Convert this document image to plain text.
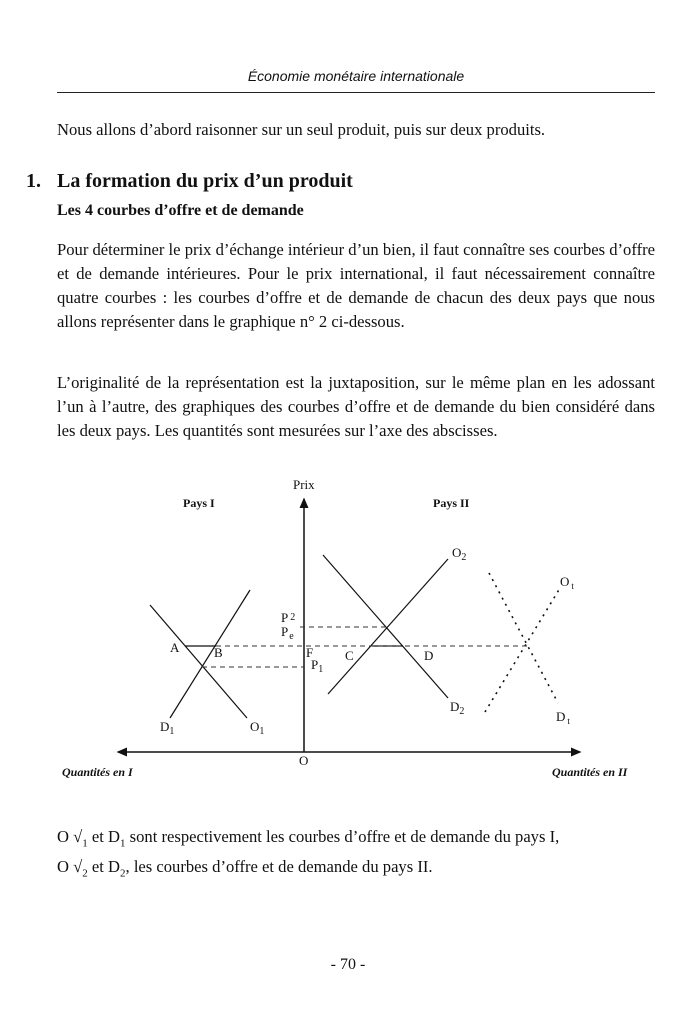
Économie monétaire internationale
Nous allons d’abord raisonner sur un seul produit, puis sur deux produits.
1. La formation du prix d’un produit
Les 4 courbes d’offre et de demande
Pour déterminer le prix d’échange intérieur d’un bien, il faut connaître ses courbes d’offre et de demande intérieures. Pour le prix international, il faut nécessairement connaître quatre courbes : les courbes d’offre et de demande de chacun des deux pays que nous allons représenter dans le graphique n° 2 ci-dessous.
L’originalité de la représentation est la juxtaposition, sur le même plan en les adossant l’un à l’autre, des graphiques des courbes d’offre et de demande du bien considéré dans les deux pays. Les quantités sont mesurées sur l’axe des abscisses.
Prix
Pays I	Pays II
O
Quantités en I	Quantités en II
A	B	F C	D
P 2
$P_e$
$P_1$
$O_1$
$D_1$
$O_2$
$D_2$
O $_t$
D $_t$
O $√_1$ et $D_1$ sont respectivement les courbes d’offre et de demande du pays I,
O $√_2$ et $D_2$, les courbes d’offre et de demande du pays II.
- 70 -
